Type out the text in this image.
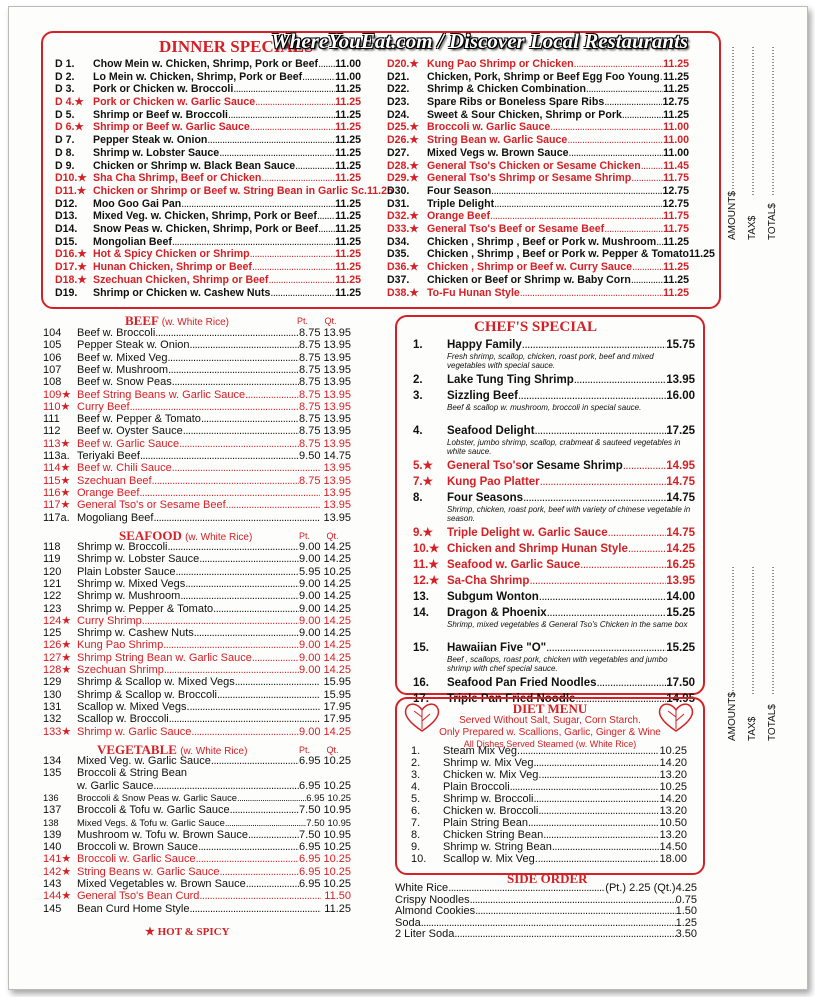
WhereYouEat.com / Discover Local Restaurants
DINNER SPECIALS
D 1.	Chow Mein w. Chicken, Shrimp, Pork or Beef ..... 11.00
D 2.	Lo Mein w. Chicken, Shrimp, Pork or Beef .....	11.00
D 3.	Pork or Chicken w. Broccoli .....	11.25
D 4.★ Pork or Chicken w. Garlic Sauce .....	11.25
D 5.	Shrimp or Beef w. Broccoli .....	11.25
D 6.★ Shrimp or Beef w. Garlic Sauce .....	11.25
D 7.	Pepper Steak w. Onion .....	11.25
D 8.	Shrimp w. Lobster Sauce .....	11.25
D 9.	Chicken or Shrimp w. Black Bean Sauce .....	11.25
D10.★ Sha Cha Shrimp, Beef or Chicken .....	11.25
D11.★ Chicken or Shrimp or Beef w. String Bean in Garlic Sc. 11.25
D12.	Moo Goo Gai Pan .....	11.25
D13.	Mixed Veg. w. Chicken, Shrimp, Pork or Beef ..... 11.25
D14.	Snow Peas w. Chicken, Shrimp, Pork or Beef ..... 11.25
D15.	Mongolian Beef .....	11.25
D16.★ Hot & Spicy Chicken or Shrimp .....	11.25
D17.★ Hunan Chicken, Shrimp or Beef .....	11.25
D18.★ Szechuan Chicken, Shrimp or Beef .....	11.25
D19.	Shrimp or Chicken w. Cashew Nuts .....	11.25
D20.★ Kung Pao Shrimp or Chicken .....	11.25
D21.	Chicken, Pork, Shrimp or Beef Egg Foo Young ..... 11.25
D22.	Shrimp & Chicken Combination .....	11.25
D23.	Spare Ribs or Boneless Spare Ribs .....	12.75
D24.	Sweet & Sour Chicken, Shrimp or Pork .....	11.25
D25.★ Broccoli w. Garlic Sauce .....	11.00
D26.★ String Bean w. Garlic Sauce .....	11.00
D27.	Mixed Vegs w. Brown Sauce .....	11.00
D28.★ General Tso's Chicken or Sesame Chicken ..... 11.45
D29.★ General Tso's Shrimp or Sesame Shrimp .....	11.75
D30.	Four Season .....	12.75
D31.	Triple Delight .....	12.75
D32.★ Orange Beef .....	11.75
D33.★ General Tso's Beef or Sesame Beef .....	11.75
D34.	Chicken , Shrimp , Beef or Pork w. Mushroom ..... 11.25
D35.	Chicken , Shrimp , Beef or Pork w. Pepper & Tomato 11.25
D36.★ Chicken , Shrimp or Beef w. Curry Sauce .....	11.25
D37.	Chicken or Beef or Shrimp w. Baby Corn .....	11.25
D38.★ To-Fu Hunan Style .....	11.25
BEEF (w. White Rice)	Pt. Qt.
104	Beef w. Broccoli .....	8.75 13.95
105	Pepper Steak w. Onion .....	8.75 13.95
106	Beef w. Mixed Veg .....	8.75 13.95
107	Beef w. Mushroom .....	8.75 13.95
108	Beef w. Snow Peas .....	8.75 13.95
109★ Beef String Beans w. Garlic Sauce .....	8.75 13.95
110★ Curry Beef .....	8.75 13.95
111	Beef w. Pepper & Tomato .....	8.75 13.95
112	Beef w. Oyster Sauce .....	8.75 13.95
113★ Beef w. Garlic Sauce .....	8.75 13.95
113a. Teriyaki Beef .....	9.50 14.75
114★ Beef w. Chili Sauce .....	13.95
115★ Szechuan Beef .....	8.75 13.95
116★ Orange Beef .....	13.95
117★ General Tso's or Sesame Beef .....	13.95
117a. Mogoliang Beef .....	13.95
SEAFOOD (w. White Rice)	Pt. Qt.
118	Shrimp w. Broccoli .....	9.00 14.25
119	Shrimp w. Lobster Sauce .....	9.00 14.25
120	Plain Lobster Sauce .....	5.95 10.25
121	Shrimp w. Mixed Vegs .....	9.00 14.25
122	Shrimp w. Mushroom .....	9.00 14.25
123	Shrimp w. Pepper & Tomato .....	9.00 14.25
124★ Curry Shrimp .....	9.00 14.25
125	Shrimp w. Cashew Nuts .....	9.00 14.25
126★ Kung Pao Shrimp .....	9.00 14.25
127★ Shrimp String Bean w. Garlic Sauce .....	9.00 14.25
128★ Szechuan Shrimp .....	9.00 14.25
129	Shrimp & Scallop w. Mixed Vegs .....	15.95
130	Shrimp & Scallop w. Broccoli .....	15.95
131	Scallop w. Mixed Vegs. .....	17.95
132	Scallop w. Broccoli .....	17.95
133★ Shrimp w. Garlic Sauce .....	9.00 14.25
VEGETABLE (w. White Rice)	Pt. Qt.
134	Mixed Veg. w. Garlic Sauce .....	6.95 10.25
135	Broccoli & String Bean
w. Garlic Sauce .....	6.95 10.25
136	Broccoli & Snow Peas w. Garlic Sauce .....	6.95 10.25
137	Broccoli & Tofu w. Garlic Sauce .....	7.50 10.95
138	Mixed Vegs. & Tofu w. Garlic Sauce .....	7.50 10.95
139	Mushroom w. Tofu w. Brown Sauce .....	7.50 10.95
140	Broccoli w. Brown Sauce .....	6.95 10.25
141★ Broccoli w. Garlic Sauce .....	6.95 10.25
142★ String Beans w. Garlic Sauce .....	6.95 10.25
143	Mixed Vegetables w. Brown Sauce .....	6.95 10.25
144★ General Tso's Bean Curd .....	11.50
145	Bean Curd Home Style .....	11.25
★ HOT & SPICY
CHEF'S SPECIAL
1.	Happy Family .....	15.75
Fresh shrimp, scallop, chicken, roast pork, beef and mixed vegetables with special sauce.
2.	Lake Tung Ting Shrimp .....	13.95
3.	Sizzling Beef .....	16.00
Beef & scallop w. mushroom, broccoli in special sauce.
4.	Seafood Delight .....	17.25
Lobster, jumbo shrimp, scallop, crabmeat & sauteed vegetables in white sauce.
5.★	General Tso's or Sesame Shrimp .....	14.95
7.★	Kung Pao Platter .....	14.75
8.	Four Seasons .....	14.75
Shrimp, chicken, roast pork, beef with variety of chinese vegetable in season.
9.★	Triple Delight w. Garlic Sauce .....	14.75
10.★ Chicken and Shrimp Hunan Style .....	14.25
11.★ Seafood w. Garlic Sauce .....	16.25
12.★ Sa-Cha Shrimp .....	13.95
13.	Subgum Wonton .....	14.00
14.	Dragon & Phoenix .....	15.25
Shrimp, mixed vegetables & General Tso's Chicken in the same box
15.	Hawaiian Five "O" .....	15.25
Beef , scallops, roast pork, chicken with vegetables and jumbo shrimp with chef special sauce.
16.	Seafood Pan Fried Noodles .....	17.50
17.	Triple Pan Fried Noodle .....	14.95
DIET MENU
Served Without Salt, Sugar, Corn Starch.
Only Prepared w. Scallions, Garlic, Ginger & Wine
All Dishes Served Steamed (w. White Rice)
1.	Steam Mix Veg. .....	10.25
2.	Shrimp w. Mix Veg .....	14.20
3.	Chicken w. Mix Veg. .....	13.20
4.	Plain Broccoli .....	10.25
5.	Shrimp w. Broccoli .....	14.20
6.	Chicken w. Broccoli .....	13.20
7.	Plain String Bean .....	10.50
8.	Chicken String Bean .....	13.20
9.	Shrimp w. String Bean .....	14.50
10.	Scallop w. Mix Veg. .....	18.00
SIDE ORDER
White Rice .....	(Pt.) 2.25 (Qt.)4.25
Crispy Noodles .....	0.75
Almond Cookies .....	1.50
Soda .....	1.25
2 Liter Soda .....	3.50
AMOUNT$ TAX$ TOTAL$
AMOUNT$ TAX$ TOTAL$
